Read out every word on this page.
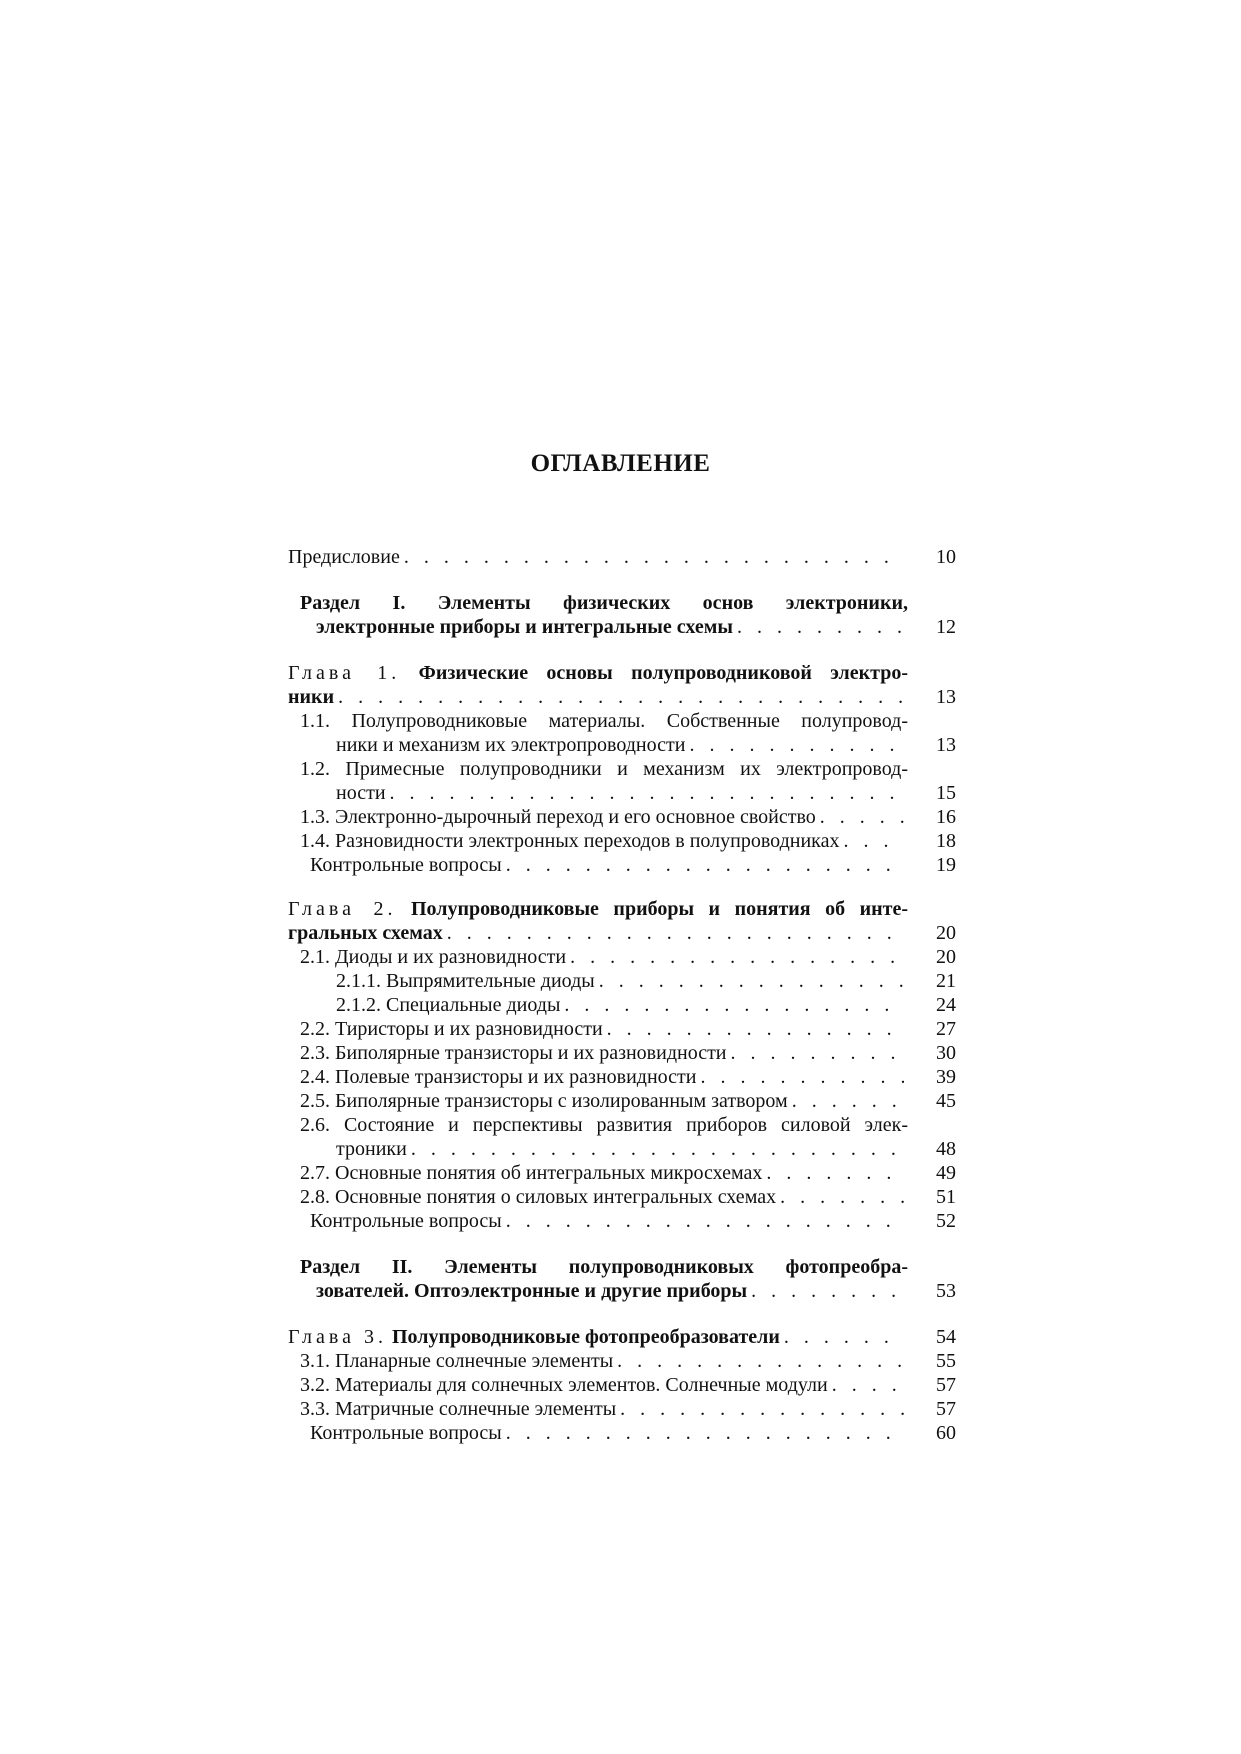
ОГЛАВЛЕНИЕ
Предисловие . . .	10
Раздел I. Элементы физических основ электроники,
электронные приборы и интегральные схемы . . .	12
Глава 1. Физические основы полупроводниковой электро-
ники . . .	13
1.1. Полупроводниковые материалы. Собственные полупровод-
ники и механизм их электропроводности . . .	13
1.2. Примесные полупроводники и механизм их электропровод-
ности . . .	15
1.3. Электронно-дырочный переход и его основное свойство . . .	16
1.4. Разновидности электронных переходов в полупроводниках . . .	18
Контрольные вопросы . . .	19
Глава 2. Полупроводниковые приборы и понятия об инте-
гральных схемах . . .	20
2.1. Диоды и их разновидности . . .	20
2.1.1. Выпрямительные диоды . . .	21
2.1.2. Специальные диоды . . .	24
2.2. Тиристоры и их разновидности . . .	27
2.3. Биполярные транзисторы и их разновидности . . .	30
2.4. Полевые транзисторы и их разновидности . . .	39
2.5. Биполярные транзисторы с изолированным затвором . . .	45
2.6. Состояние и перспективы развития приборов силовой элек-
троники . . .	48
2.7. Основные понятия об интегральных микросхемах . . .	49
2.8. Основные понятия о силовых интегральных схемах . . .	51
Контрольные вопросы . . .	52
Раздел II. Элементы полупроводниковых фотопреобра-
зователей. Оптоэлектронные и другие приборы . . .	53
Глава 3. Полупроводниковые фотопреобразователи . . .	54
3.1. Планарные солнечные элементы . . .	55
3.2. Материалы для солнечных элементов. Солнечные модули . . .	57
3.3. Матричные солнечные элементы . . .	57
Контрольные вопросы . . .	60
